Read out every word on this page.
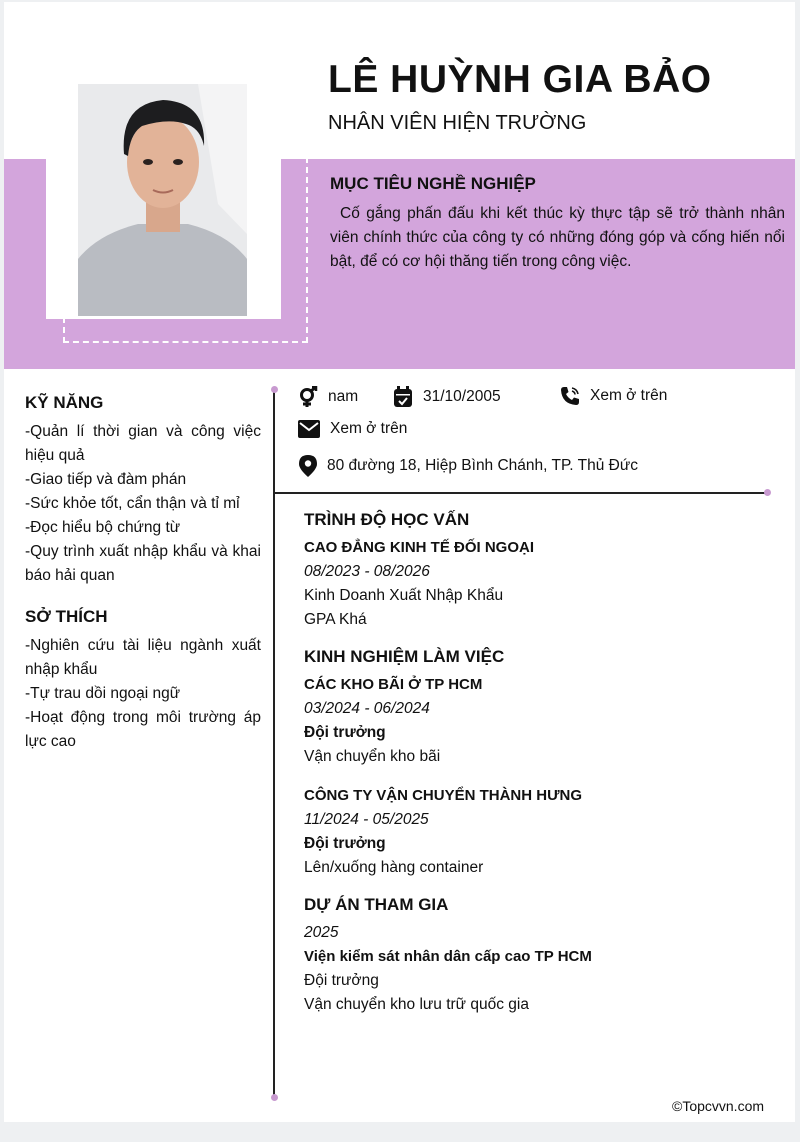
LÊ HUỲNH GIA BẢO
NHÂN VIÊN HIỆN TRƯỜNG
MỤC TIÊU NGHỀ NGHIỆP
Cố gắng phấn đấu khi kết thúc kỳ thực tập sẽ trở thành nhân viên chính thức của công ty có những đóng góp và cống hiến nổi bật, để có cơ hội thăng tiến trong công việc.
KỸ NĂNG
-Quản lí thời gian và công việc hiệu quả
-Giao tiếp và đàm phán
-Sức khỏe tốt, cẩn thận và tỉ mỉ
-Đọc hiểu bộ chứng từ
-Quy trình xuất nhập khẩu và khai báo hải quan
SỞ THÍCH
-Nghiên cứu tài liệu ngành xuất nhập khẩu
-Tự trau dồi ngoại ngữ
-Hoạt động trong môi trường áp lực cao
nam	31/10/2005	Xem ở trên
Xem ở trên
80 đường 18, Hiệp Bình Chánh, TP. Thủ Đức
TRÌNH ĐỘ HỌC VẤN
CAO ĐẲNG KINH TẾ ĐỐI NGOẠI
08/2023 - 08/2026
Kinh Doanh Xuất Nhập Khẩu
GPA Khá
KINH NGHIỆM LÀM VIỆC
CÁC KHO BÃI Ở TP HCM
03/2024 - 06/2024
Đội trưởng
Vận chuyển kho bãi
CÔNG TY VẬN CHUYỂN THÀNH HƯNG
11/2024 - 05/2025
Đội trưởng
Lên/xuống hàng container
DỰ ÁN THAM GIA
2025
Viện kiểm sát nhân dân cấp cao TP HCM
Đội trưởng
Vận chuyển kho lưu trữ quốc gia
©Topcvvn.com
